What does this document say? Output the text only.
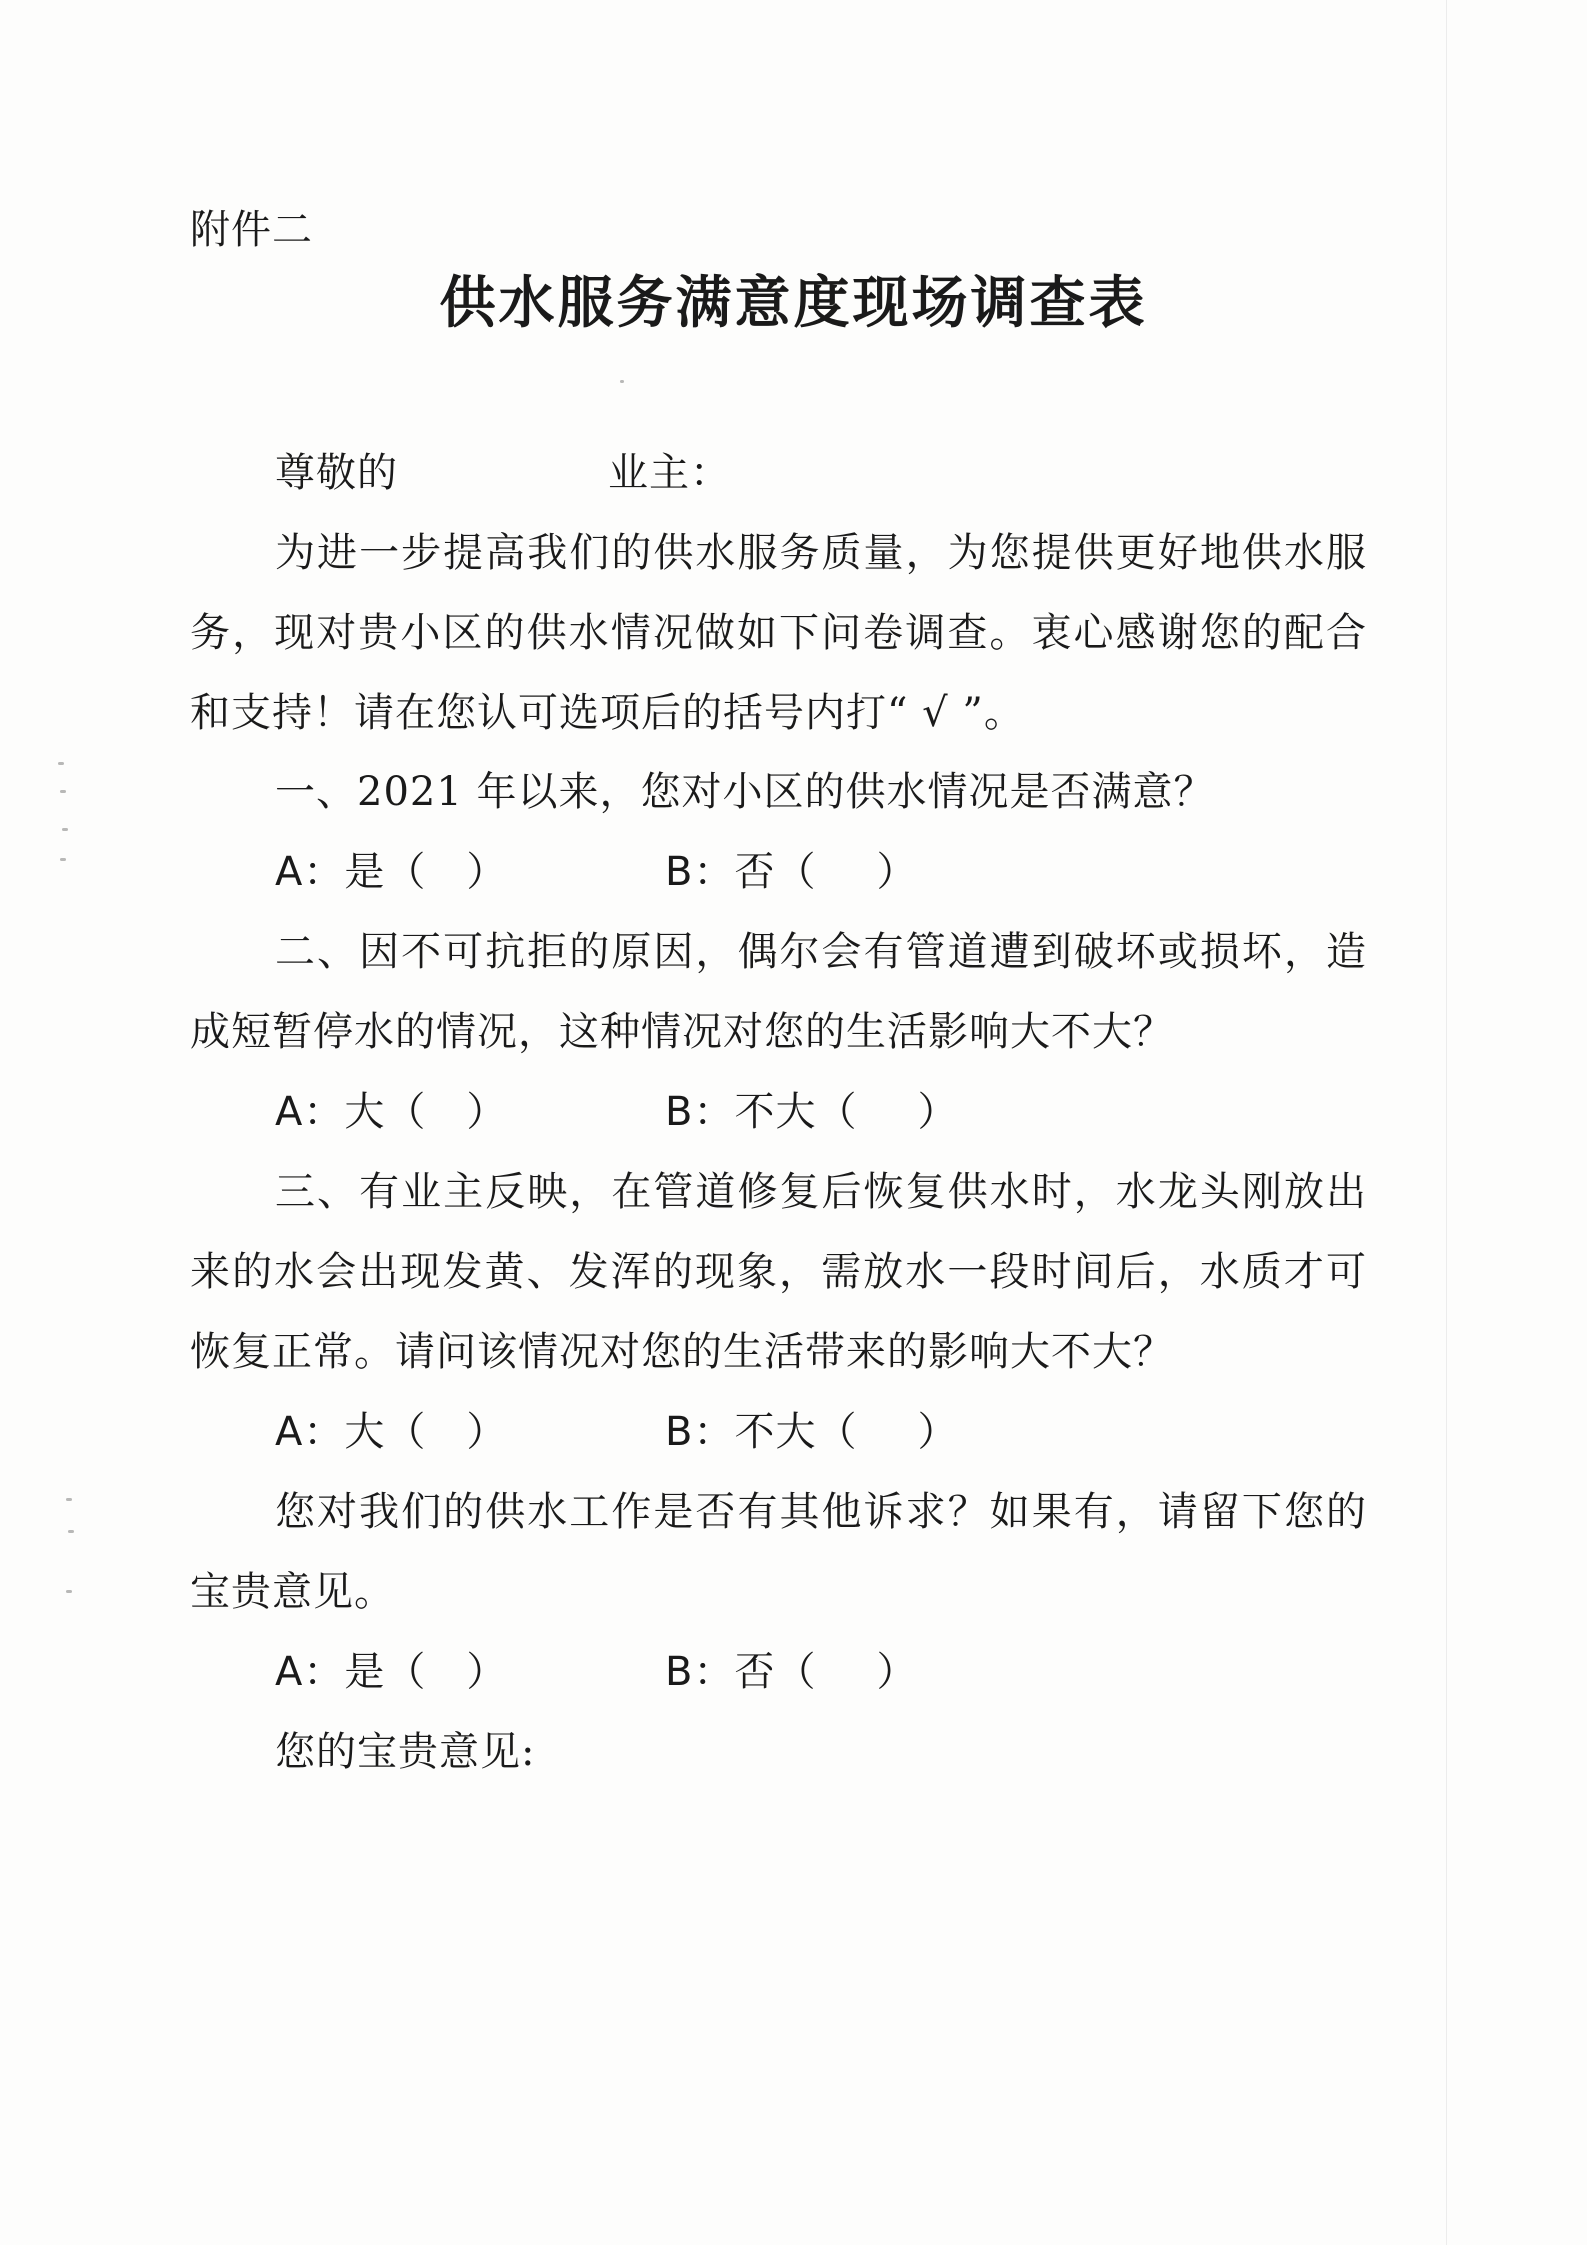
附件二
供水服务满意度现场调查表
尊敬的	业主：
为进一步提高我们的供水服务质量，为您提供更好地供水服
务，现对贵小区的供水情况做如下问卷调查。衷心感谢您的配合
和支持！请在您认可选项后的括号内打“ √ ”。
一、2021 年以来，您对小区的供水情况是否满意？
A：是（ ）	B：否（ ）
二、因不可抗拒的原因，偶尔会有管道遭到破坏或损坏，造
成短暂停水的情况，这种情况对您的生活影响大不大？
A：大（ ）	B：不大（ ）
三、有业主反映，在管道修复后恢复供水时，水龙头刚放出
来的水会出现发黄、发浑的现象，需放水一段时间后，水质才可
恢复正常。请问该情况对您的生活带来的影响大不大？
A：大（ ）	B：不大（ ）
您对我们的供水工作是否有其他诉求？如果有，请留下您的
宝贵意见。
A：是（ ）	B：否（ ）
您的宝贵意见:
